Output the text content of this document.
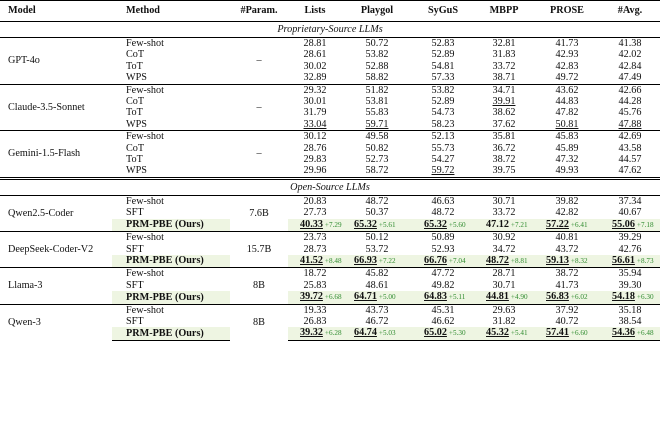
Model	Method	#Param.	Lists	Playgol	SyGuS	MBPP	PROSE	#Avg.
Proprietary-Source LLMs								
GPT-4o	Few-shot	–	28.81	50.72	52.83	32.81	41.73	41.38
	CoT		28.61	53.82	52.89	31.83	42.93	42.02
	ToT		30.02	52.88	54.81	33.72	42.83	42.84
	WPS		32.89	58.82	57.33	38.71	49.72	47.49
Claude-3.5-Sonnet	Few-shot	–	29.32	51.82	53.82	34.71	43.62	42.66
	CoT		30.01	53.81	52.89	39.91	44.83	44.28
	ToT		31.79	55.83	54.73	38.62	47.82	45.76
	WPS		33.04	59.71	58.23	37.62	50.81	47.88
Gemini-1.5-Flash	Few-shot	–	30.12	49.58	52.13	35.81	45.83	42.69
	CoT		28.76	50.82	55.73	36.72	45.89	43.58
	ToT		29.83	52.73	54.27	38.72	47.32	44.57
	WPS		29.96	58.72	59.72	39.75	49.93	47.62
Open-Source LLMs								
Qwen2.5-Coder	Few-shot	7.6B	20.83	48.72	46.63	30.71	39.82	37.34
	SFT		27.73	50.37	48.72	33.72	42.82	40.67
	PRM-PBE (Ours)		40.33 +7.29	65.32 +5.61	65.32 +5.60	47.12 +7.21	57.22 +6.41	55.06 +7.18
DeepSeek-Coder-V2	Few-shot	15.7B	23.73	50.12	50.89	30.92	40.81	39.29
	SFT		28.73	53.72	52.93	34.72	43.72	42.76
	PRM-PBE (Ours)		41.52 +8.48	66.93 +7.22	66.76 +7.04	48.72 +8.81	59.13 +8.32	56.61 +8.73
Llama-3	Few-shot	8B	18.72	45.82	47.72	28.71	38.72	35.94
	SFT		25.83	48.61	49.82	30.71	41.73	39.30
	PRM-PBE (Ours)		39.72 +6.68	64.71 +5.00	64.83 +5.11	44.81 +4.90	56.83 +6.02	54.18 +6.30
Qwen-3	Few-shot	8B	19.33	43.73	45.31	29.63	37.92	35.18
	SFT		26.83	46.72	46.62	31.82	40.72	38.54
	PRM-PBE (Ours)		39.32 +6.28	64.74 +5.03	65.02 +5.30	45.32 +5.41	57.41 +6.60	54.36 +6.48
